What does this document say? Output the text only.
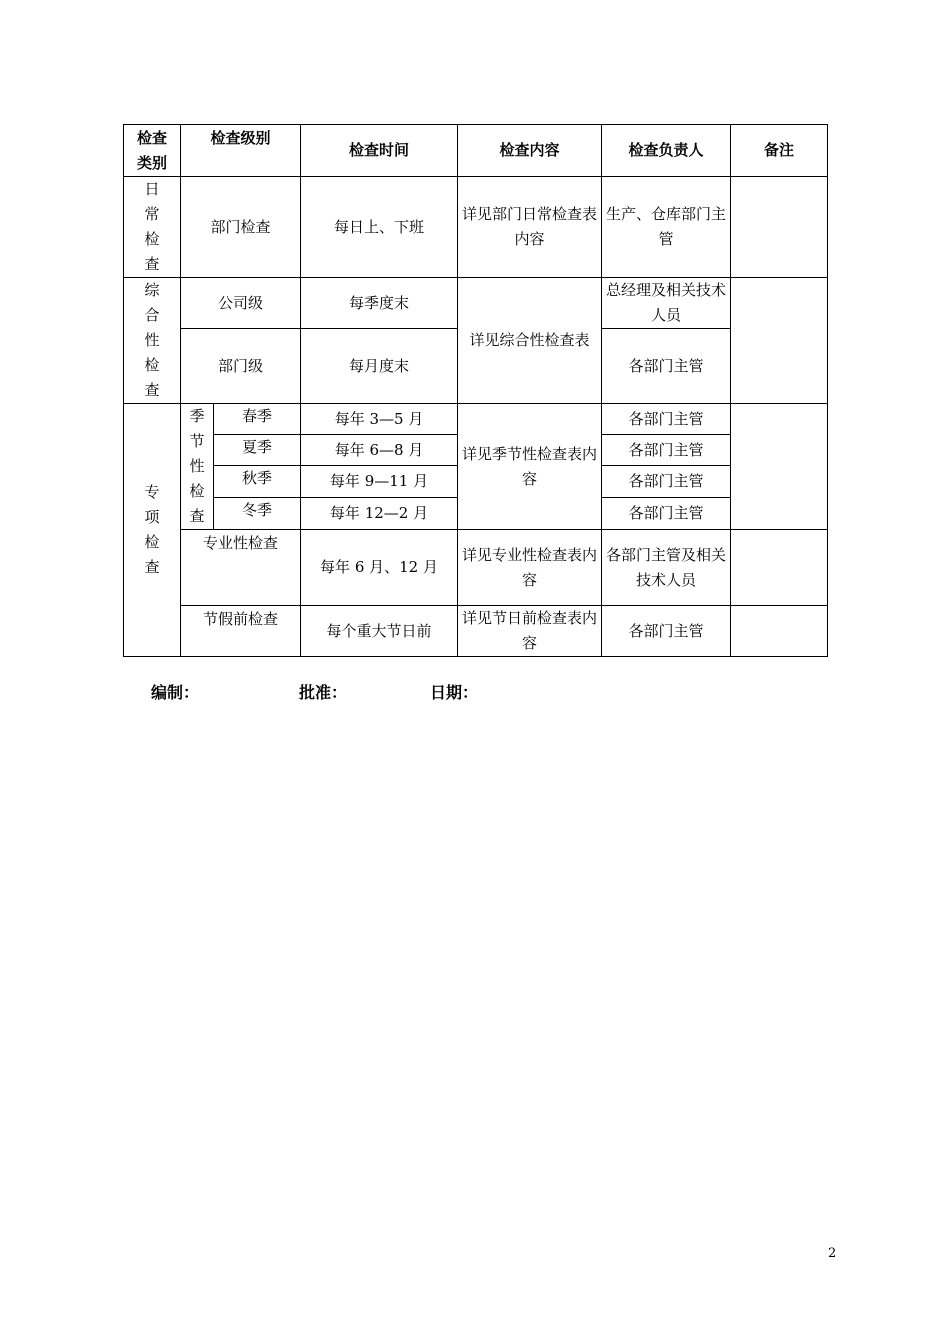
检查类别	检查级别		检查时间	检查内容	检查负责人	备注

日常检查	部门检查		每日上、下班	详见部门日常检查表内容	生产、仓库部门主管	

综合性检查	公司级		每季度末	详见综合性检查表	总经理及相关技术人员	
	部门级		每月度末		各部门主管	

专项检查	季节性检查	春季	每年 3—5 月	详见季节性检查表内容	各部门主管	
		夏季	每年 6—8 月		各部门主管	
		秋季	每年 9—11 月		各部门主管	
		冬季	每年 12—2 月		各部门主管	
	专业性检查		每年 6 月、12 月	详见专业性检查表内容	各部门主管及相关技术人员	
	节假前检查		每个重大节日前	详见节日前检查表内容	各部门主管	
编制：	批准：	日期：
2
